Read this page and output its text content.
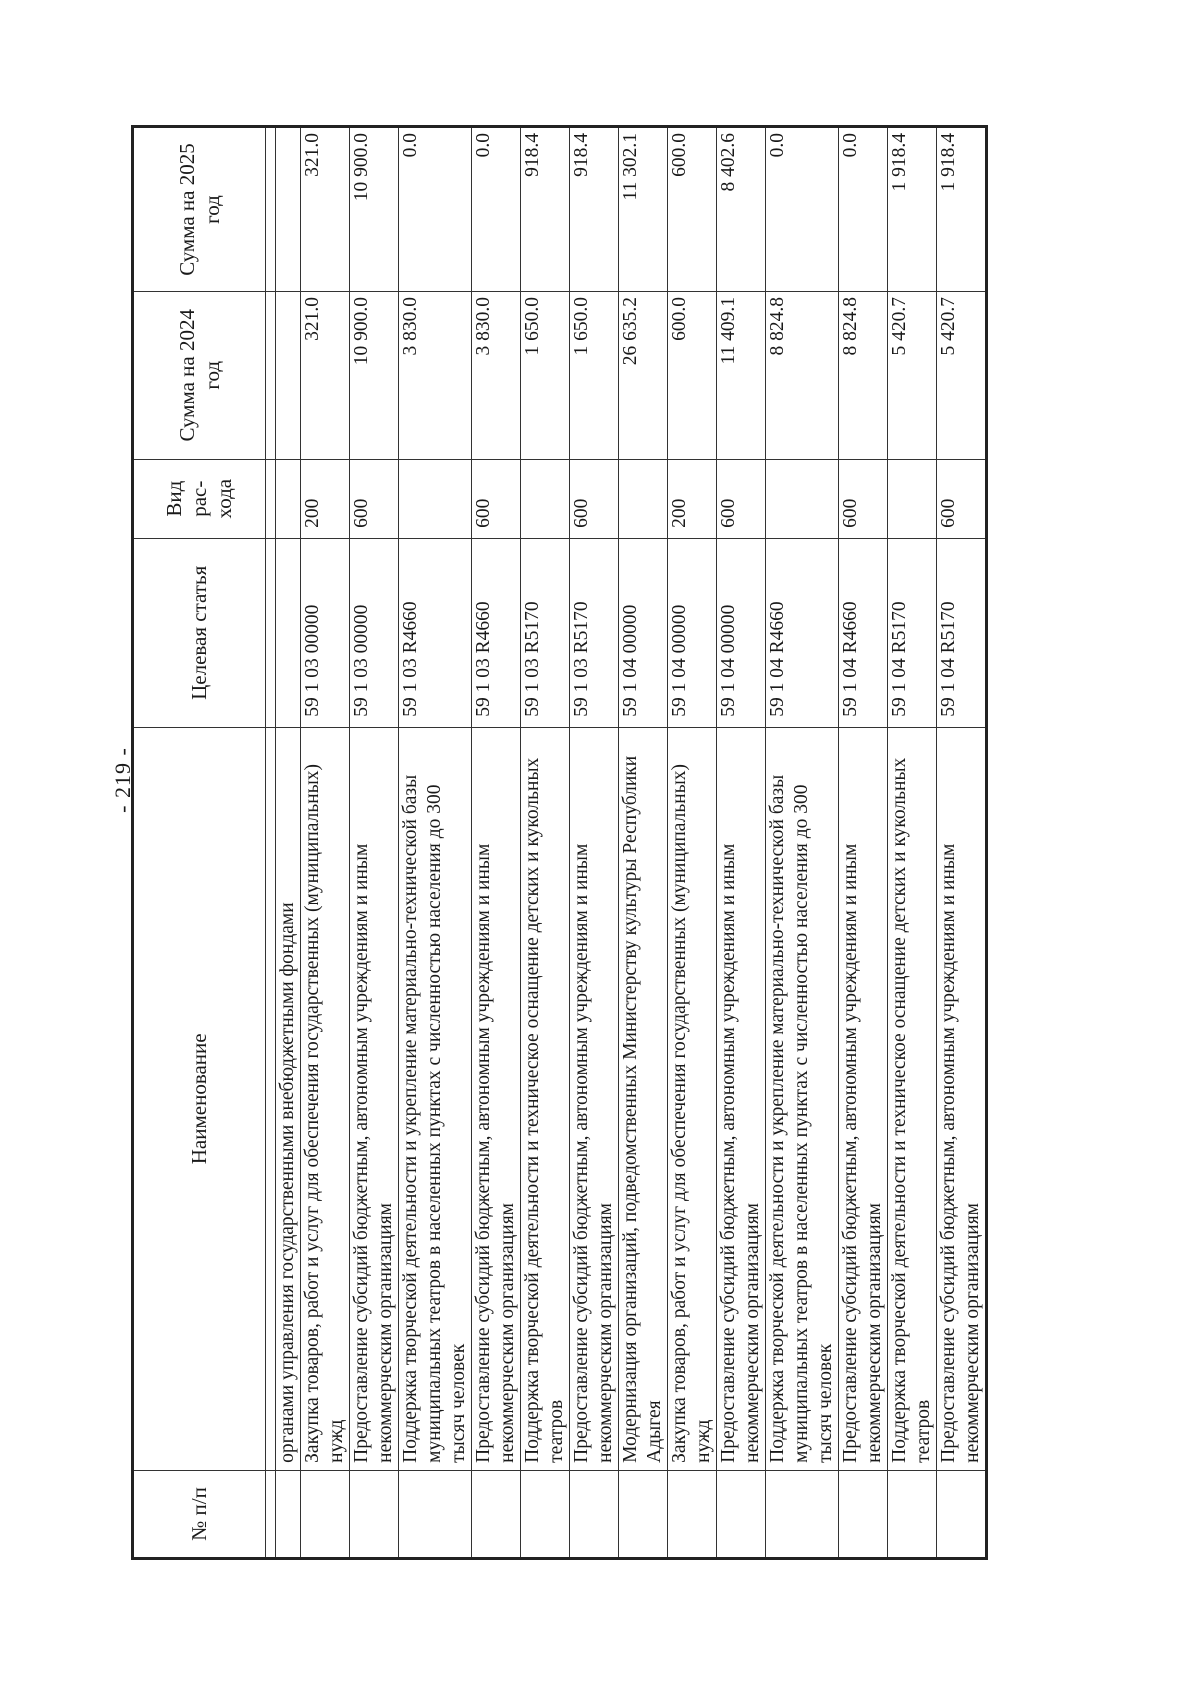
- 219 -
№ п/п	Наименование	Целевая статья	Вид рас- хода	Сумма на 2024 год	Сумма на 2025 год

	органами управления государственными внебюджетными фондами				
	Закупка товаров, работ и услуг для обеспечения государственных (муниципальных) нужд	59 1 03 00000	200	321.0	321.0
	Предоставление субсидий бюджетным, автономным учреждениям и иным некоммерческим организациям	59 1 03 00000	600	10 900.0	10 900.0
	Поддержка творческой деятельности и укрепление материально-технической базы муниципальных театров в населенных пунктах с численностью населения до 300 тысяч человек	59 1 03 R4660		3 830.0	0.0
	Предоставление субсидий бюджетным, автономным учреждениям и иным некоммерческим организациям	59 1 03 R4660	600	3 830.0	0.0
	Поддержка творческой деятельности и техническое оснащение детских и кукольных театров	59 1 03 R5170		1 650.0	918.4
	Предоставление субсидий бюджетным, автономным учреждениям и иным некоммерческим организациям	59 1 03 R5170	600	1 650.0	918.4
	Модернизация организаций, подведомственных Министерству культуры Республики Адыгея	59 1 04 00000		26 635.2	11 302.1
	Закупка товаров, работ и услуг для обеспечения государственных (муниципальных) нужд	59 1 04 00000	200	600.0	600.0
	Предоставление субсидий бюджетным, автономным учреждениям и иным некоммерческим организациям	59 1 04 00000	600	11 409.1	8 402.6
	Поддержка творческой деятельности и укрепление материально-технической базы муниципальных театров в населенных пунктах с численностью населения до 300 тысяч человек	59 1 04 R4660		8 824.8	0.0
	Предоставление субсидий бюджетным, автономным учреждениям и иным некоммерческим организациям	59 1 04 R4660	600	8 824.8	0.0
	Поддержка творческой деятельности и техническое оснащение детских и кукольных театров	59 1 04 R5170		5 420.7	1 918.4
	Предоставление субсидий бюджетным, автономным учреждениям и иным некоммерческим организациям	59 1 04 R5170	600	5 420.7	1 918.4
